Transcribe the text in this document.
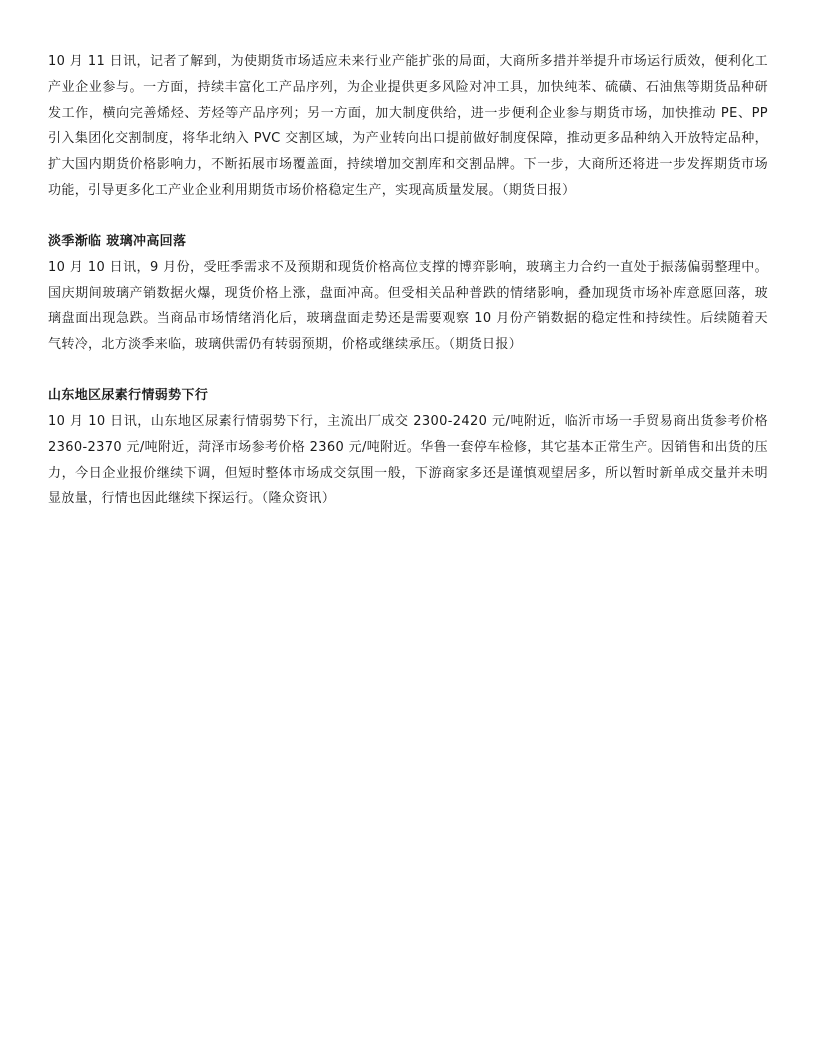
10 月 11 日讯，记者了解到，为使期货市场适应未来行业产能扩张的局面，大商所多措并举提升市场运行质效，便利化工产业企业参与。一方面，持续丰富化工产品序列，为企业提供更多风险对冲工具，加快纯苯、硫磺、石油焦等期货品种研发工作，横向完善烯烃、芳烃等产品序列；另一方面，加大制度供给，进一步便利企业参与期货市场，加快推动 PE、PP 引入集团化交割制度，将华北纳入 PVC 交割区域，为产业转向出口提前做好制度保障，推动更多品种纳入开放特定品种，扩大国内期货价格影响力，不断拓展市场覆盖面，持续增加交割库和交割品牌。下一步，大商所还将进一步发挥期货市场功能，引导更多化工产业企业利用期货市场价格稳定生产，实现高质量发展。（期货日报）

淡季渐临 玻璃冲高回落

10 月 10 日讯，9 月份，受旺季需求不及预期和现货价格高位支撑的博弈影响，玻璃主力合约一直处于振荡偏弱整理中。国庆期间玻璃产销数据火爆，现货价格上涨，盘面冲高。但受相关品种普跌的情绪影响，叠加现货市场补库意愿回落，玻璃盘面出现急跌。当商品市场情绪消化后，玻璃盘面走势还是需要观察 10 月份产销数据的稳定性和持续性。后续随着天气转冷，北方淡季来临，玻璃供需仍有转弱预期，价格或继续承压。（期货日报）

山东地区尿素行情弱势下行

10 月 10 日讯，山东地区尿素行情弱势下行，主流出厂成交 2300-2420 元/吨附近，临沂市场一手贸易商出货参考价格 2360-2370 元/吨附近，菏泽市场参考价格 2360 元/吨附近。华鲁一套停车检修，其它基本正常生产。因销售和出货的压力，今日企业报价继续下调，但短时整体市场成交氛围一般，下游商家多还是谨慎观望居多，所以暂时新单成交量并未明显放量，行情也因此继续下探运行。（隆众资讯）
